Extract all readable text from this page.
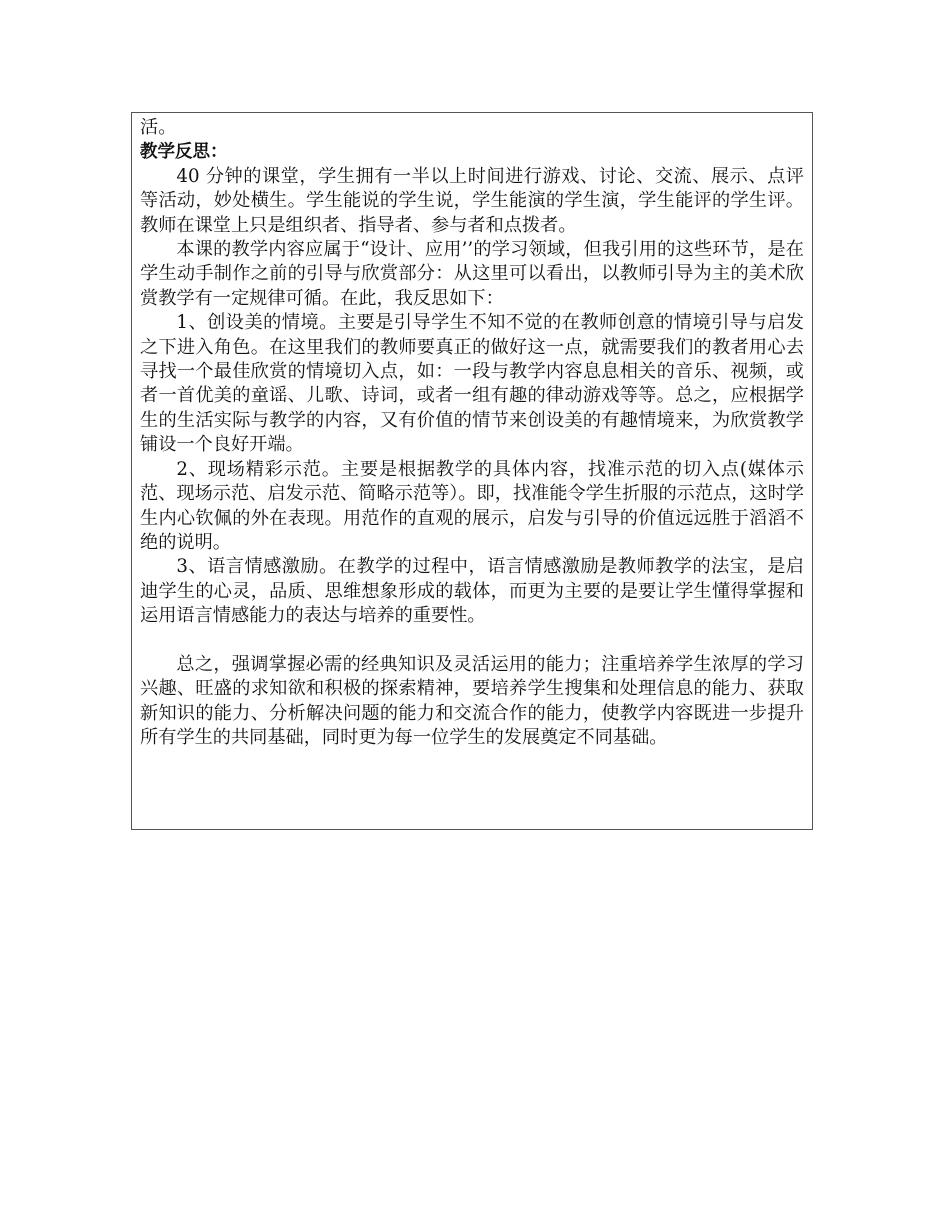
活。

教学反思：

40 分钟的课堂，学生拥有一半以上时间进行游戏、讨论、交流、展示、点评等活动，妙处横生。学生能说的学生说，学生能演的学生演，学生能评的学生评。教师在课堂上只是组织者、指导者、参与者和点拨者。

本课的教学内容应属于“设计、应用’’的学习领域，但我引用的这些环节，是在学生动手制作之前的引导与欣赏部分：从这里可以看出，以教师引导为主的美术欣赏教学有一定规律可循。在此，我反思如下：

1、创设美的情境。主要是引导学生不知不觉的在教师创意的情境引导与启发之下进入角色。在这里我们的教师要真正的做好这一点，就需要我们的教者用心去寻找一个最佳欣赏的情境切入点，如：一段与教学内容息息相关的音乐、视频，或者一首优美的童谣、儿歌、诗词，或者一组有趣的律动游戏等等。总之，应根据学生的生活实际与教学的内容，又有价值的情节来创设美的有趣情境来，为欣赏教学铺设一个良好开端。

2、现场精彩示范。主要是根据教学的具体内容，找准示范的切入点(媒体示范、现场示范、启发示范、简略示范等）。即，找准能令学生折服的示范点，这时学生内心钦佩的外在表现。用范作的直观的展示，启发与引导的价值远远胜于滔滔不绝的说明。

3、语言情感激励。在教学的过程中，语言情感激励是教师教学的法宝，是启迪学生的心灵，品质、思维想象形成的载体，而更为主要的是要让学生懂得掌握和运用语言情感能力的表达与培养的重要性。

总之，强调掌握必需的经典知识及灵活运用的能力；注重培养学生浓厚的学习兴趣、旺盛的求知欲和积极的探索精神，要培养学生搜集和处理信息的能力、获取新知识的能力、分析解决问题的能力和交流合作的能力，使教学内容既进一步提升所有学生的共同基础，同时更为每一位学生的发展奠定不同基础。
